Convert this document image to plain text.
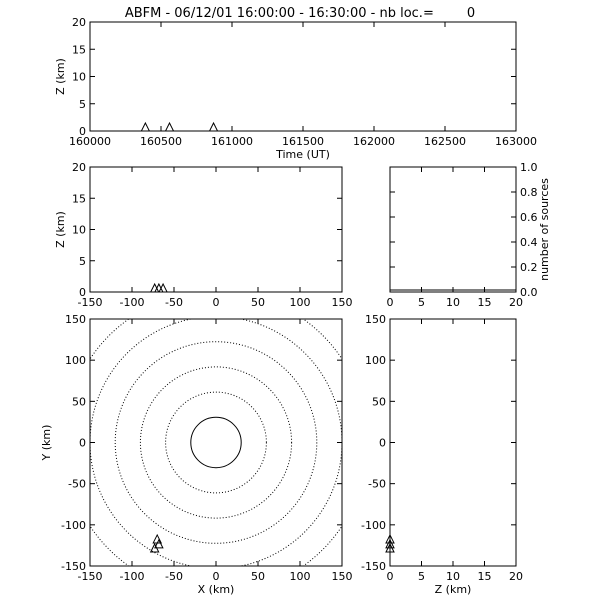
ABFM - 06/12/01 16:00:00 - 16:30:00 - nb loc.=        0
160000	160500	161000	161500	162000	162500	163000
0
5
10
15
20
Time (UT)
Z (km)
-150 -100 -50	0	50 100 150
0
5
10
15
20
Z (km)
0 5 10 15 20
0.0
0.2
0.4
0.6
0.8
1.0
number of sources
-150 -100 -50	0	50 100 150
-150
-100
-50
0
50
100
150
X (km)
Y (km)
0 5 10 15 20
-150
-100
-50
0
50
100
150
Z (km)
